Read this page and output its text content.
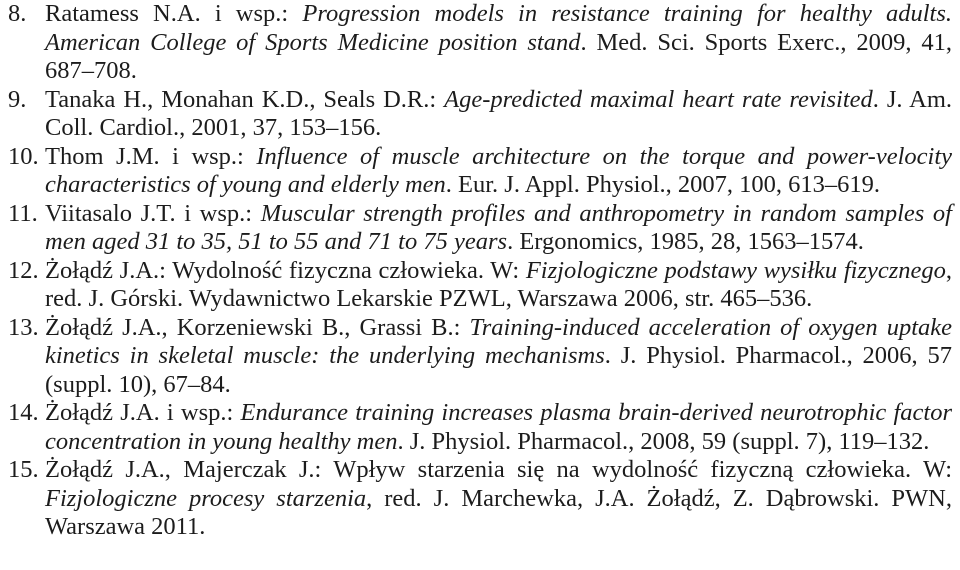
8. Ratamess N.A. i wsp.: Progression models in resistance training for healthy adults. American College of Sports Medicine position stand. Med. Sci. Sports Exerc., 2009, 41, 687–708.
9. Tanaka H., Monahan K.D., Seals D.R.: Age-predicted maximal heart rate revisited. J. Am. Coll. Cardiol., 2001, 37, 153–156.
10. Thom J.M. i wsp.: Influence of muscle architecture on the torque and power-velocity characteristics of young and elderly men. Eur. J. Appl. Physiol., 2007, 100, 613–619.
11. Viitasalo J.T. i wsp.: Muscular strength profiles and anthropometry in random samples of men aged 31 to 35, 51 to 55 and 71 to 75 years. Ergonomics, 1985, 28, 1563–1574.
12. Żołądź J.A.: Wydolność fizyczna człowieka. W: Fizjologiczne podstawy wysiłku fizycznego, red. J. Górski. Wydawnictwo Lekarskie PZWL, Warszawa 2006, str. 465–536.
13. Żołądź J.A., Korzeniewski B., Grassi B.: Training-induced acceleration of oxygen uptake kinetics in skeletal muscle: the underlying mechanisms. J. Physiol. Pharmacol., 2006, 57 (suppl. 10), 67–84.
14. Żołądź J.A. i wsp.: Endurance training increases plasma brain-derived neurotrophic factor concentration in young healthy men. J. Physiol. Pharmacol., 2008, 59 (suppl. 7), 119–132.
15. Żołądź J.A., Majerczak J.: Wpływ starzenia się na wydolność fizyczną człowieka. W: Fizjologiczne procesy starzenia, red. J. Marchewka, J.A. Żołądź, Z. Dąbrowski. PWN, Warszawa 2011.
